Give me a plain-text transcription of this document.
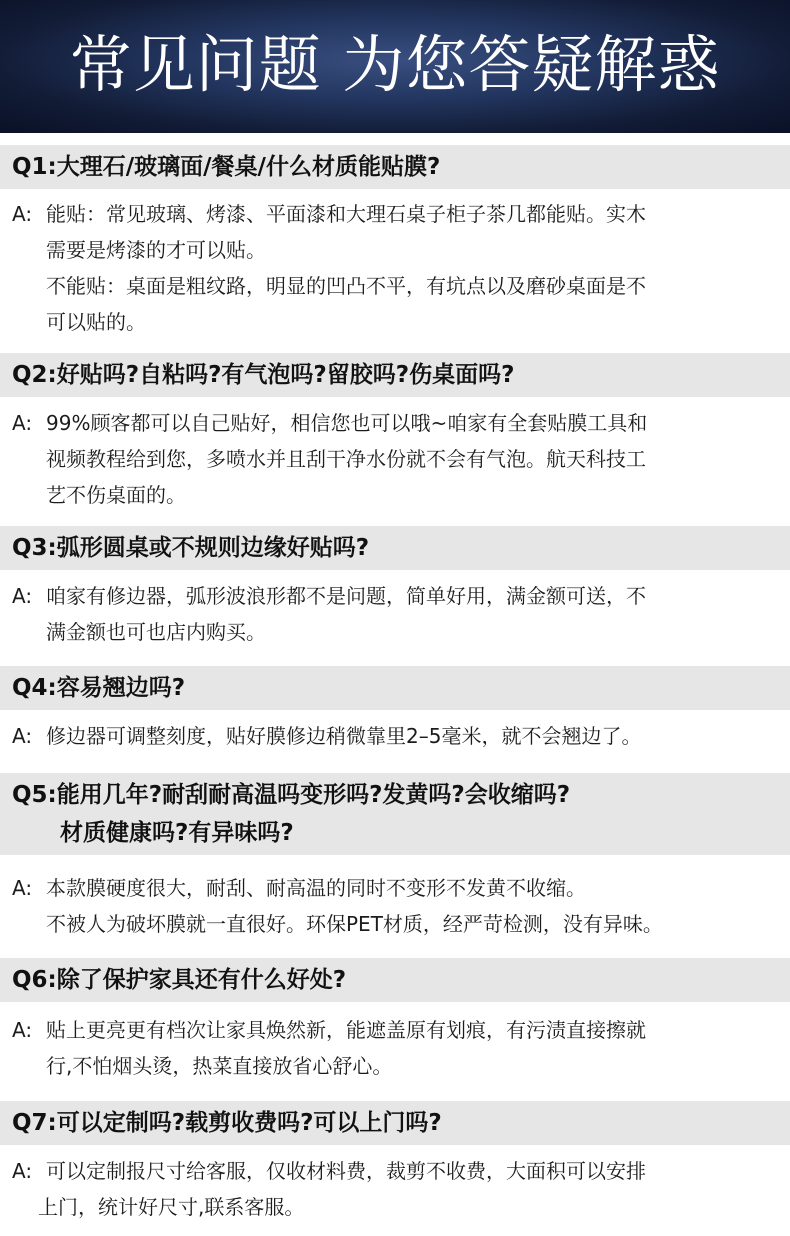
常见问题 为您答疑解惑
Q1:大理石/玻璃面/餐桌/什么材质能贴膜?
A: 能贴：常见玻璃、烤漆、平面漆和大理石桌子柜子茶几都能贴。实木
需要是烤漆的才可以贴。
不能贴：桌面是粗纹路，明显的凹凸不平，有坑点以及磨砂桌面是不
可以贴的。
Q2:好贴吗?自粘吗?有气泡吗?留胶吗?伤桌面吗?
A: 99%顾客都可以自己贴好，相信您也可以哦~咱家有全套贴膜工具和
视频教程给到您，多喷水并且刮干净水份就不会有气泡。航天科技工
艺不伤桌面的。
Q3:弧形圆桌或不规则边缘好贴吗?
A: 咱家有修边器，弧形波浪形都不是问题，简单好用，满金额可送，不
满金额也可也店内购买。
Q4:容易翘边吗?
A: 修边器可调整刻度，贴好膜修边稍微靠里2–5毫米，就不会翘边了。
Q5:能用几年?耐刮耐高温吗变形吗?发黄吗?会收缩吗?
材质健康吗?有异味吗?
A: 本款膜硬度很大，耐刮、耐高温的同时不变形不发黄不收缩。
不被人为破坏膜就一直很好。环保PET材质，经严苛检测，没有异味。
Q6:除了保护家具还有什么好处?
A: 贴上更亮更有档次让家具焕然新，能遮盖原有划痕，有污渍直接擦就
行,不怕烟头烫，热菜直接放省心舒心。
Q7:可以定制吗?载剪收费吗?可以上门吗?
A: 可以定制报尺寸给客服，仅收材料费，裁剪不收费，大面积可以安排
上门，统计好尺寸,联系客服。
